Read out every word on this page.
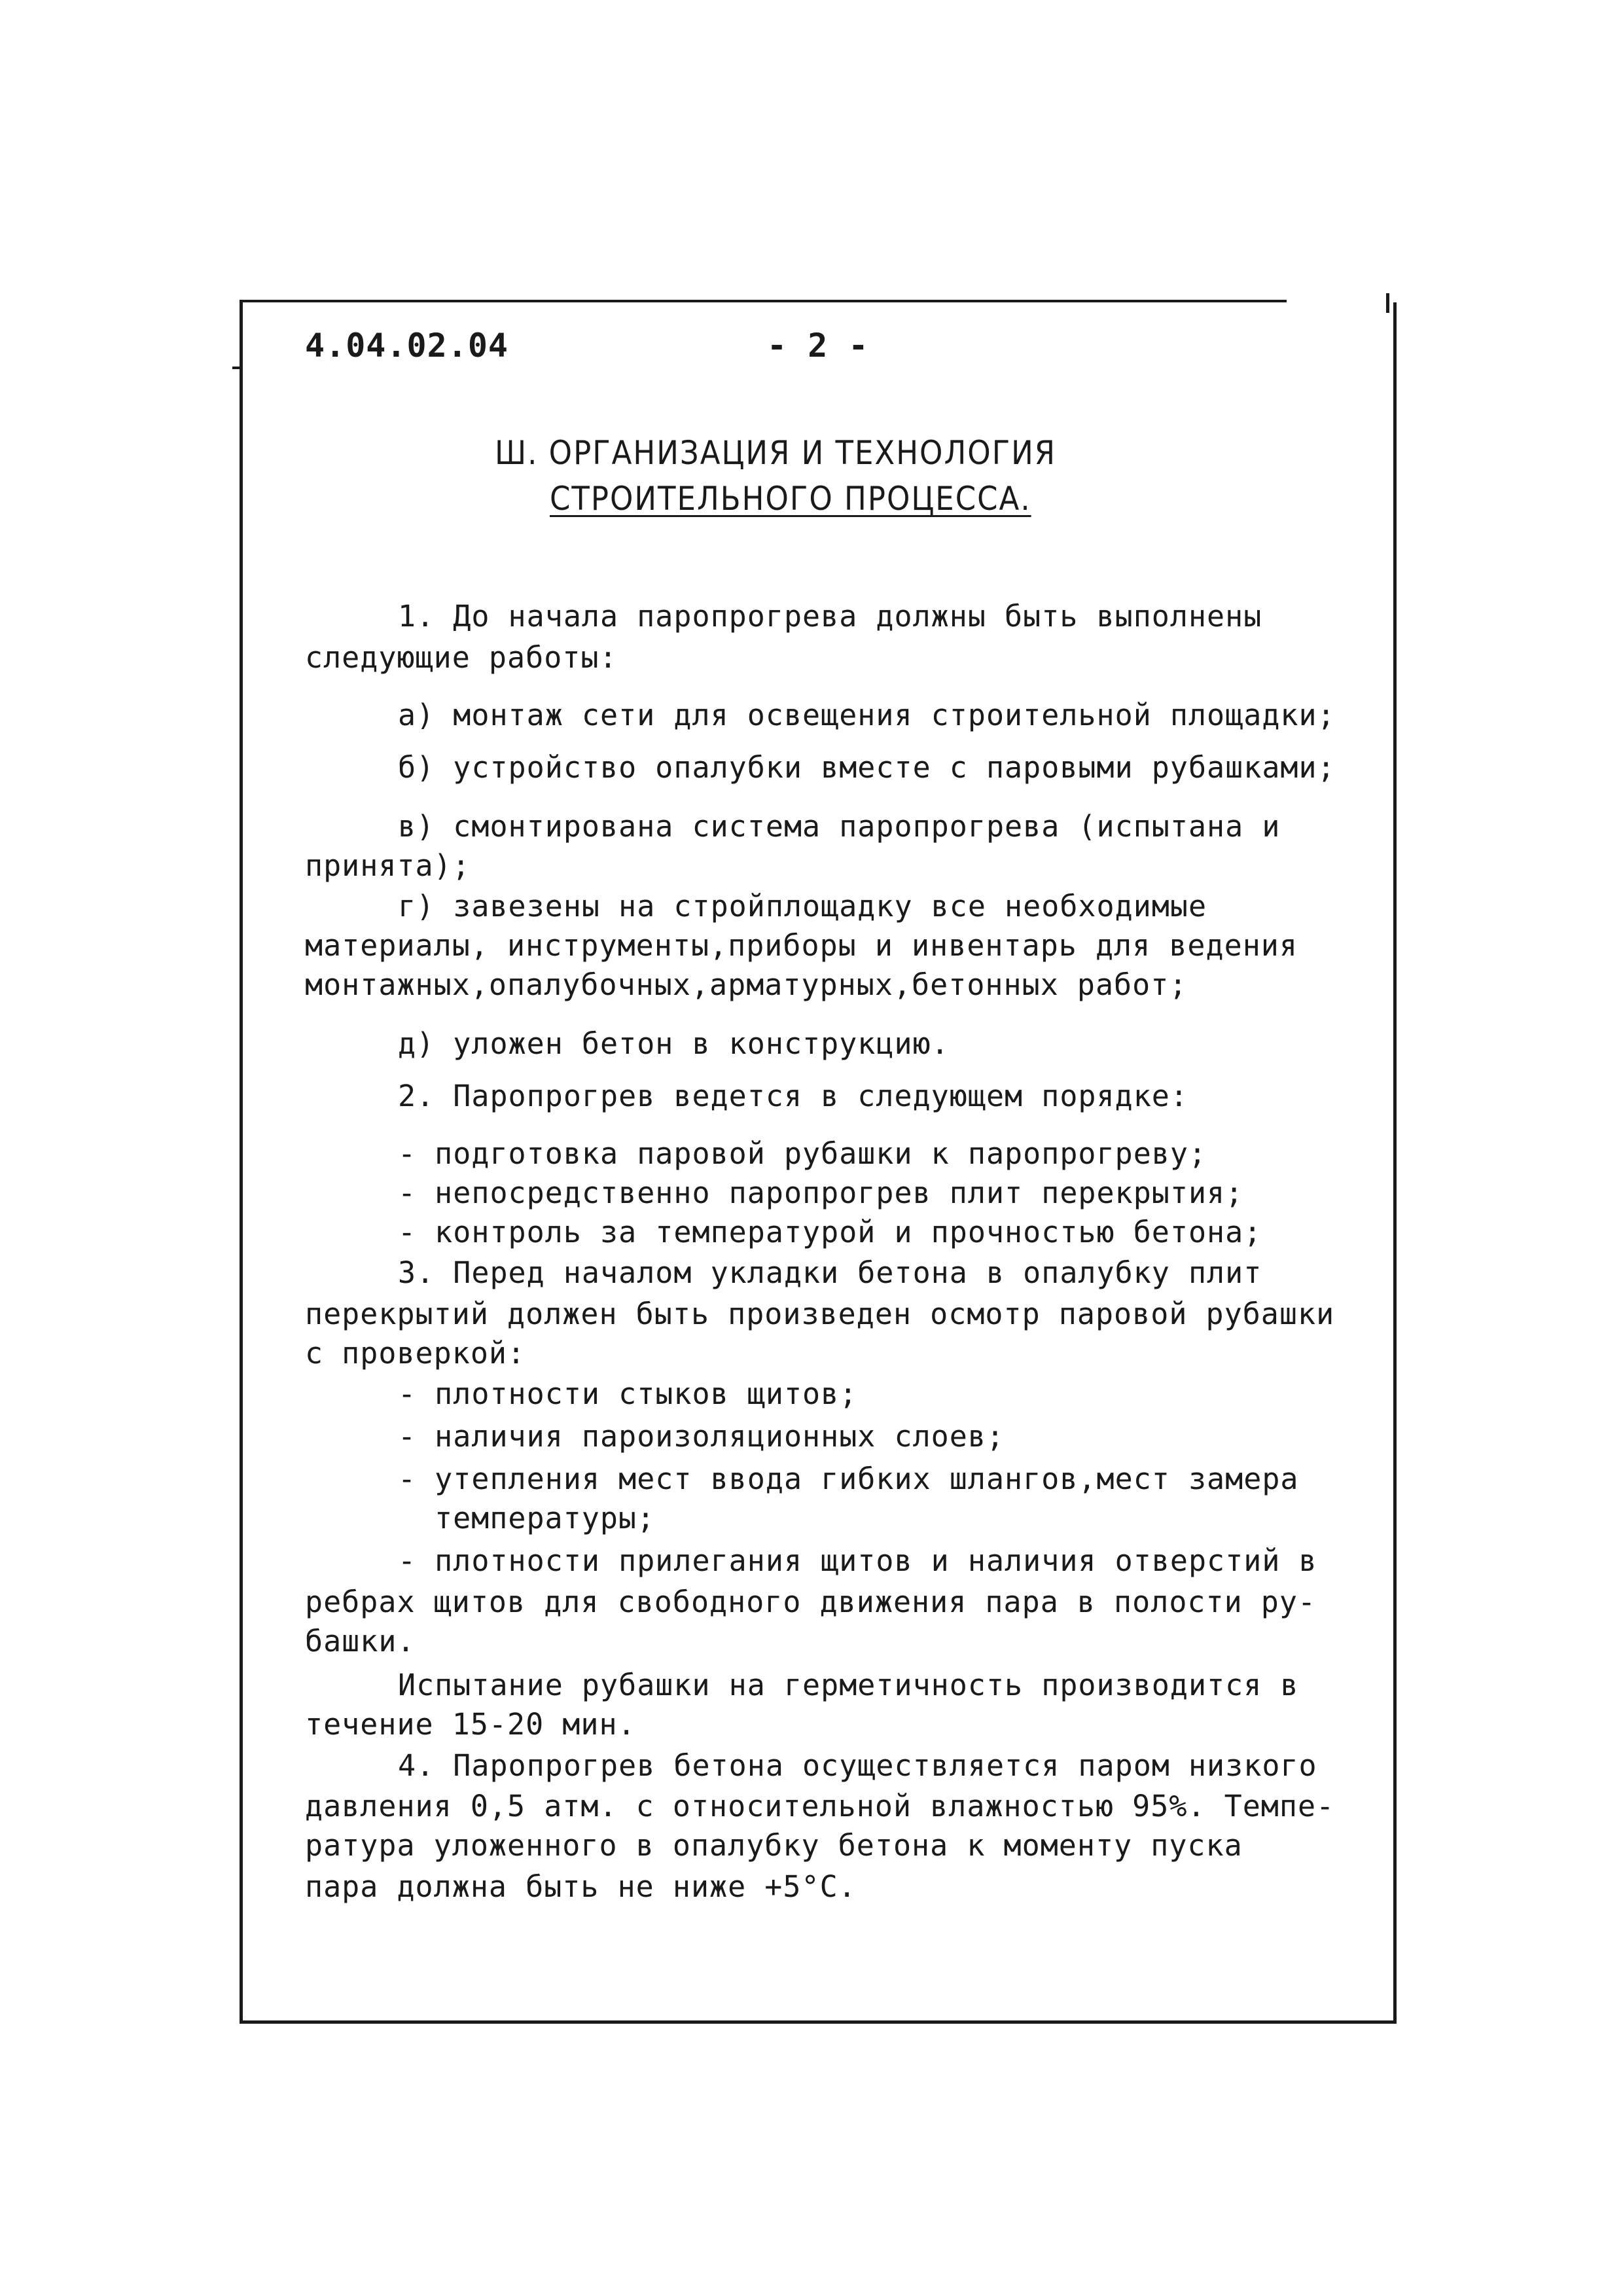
4.04.02.04	- 2 -
Ш. ОРГАНИЗАЦИЯ И ТЕХНОЛОГИЯ
СТРОИТЕЛЬНОГО ПРОЦЕССА.
1. До начала паропрогрева должны быть выполнены
следующие работы:
а) монтаж сети для освещения строительной площадки;
б) устройство опалубки вместе с паровыми рубашками;
в) смонтирована система паропрогрева (испытана и
принята);
г) завезены на стройплощадку все необходимые
материалы, инструменты,приборы и инвентарь для ведения
монтажных,опалубочных,арматурных,бетонных работ;
д) уложен бетон в конструкцию.
2. Паропрогрев ведется в следующем порядке:
- подготовка паровой рубашки к паропрогреву;
- непосредственно паропрогрев плит перекрытия;
- контроль за температурой и прочностью бетона;
3. Перед началом укладки бетона в опалубку плит
перекрытий должен быть произведен осмотр паровой рубашки
с проверкой:
- плотности стыков щитов;
- наличия пароизоляционных слоев;
- утепления мест ввода гибких шлангов,мест замера
температуры;
- плотности прилегания щитов и наличия отверстий в
ребрах щитов для свободного движения пара в полости ру-
башки.
Испытание рубашки на герметичность производится в
течение 15-20 мин.
4. Паропрогрев бетона осуществляется паром низкого
давления 0,5 атм. с относительной влажностью 95%. Темпе-
ратура уложенного в опалубку бетона к моменту пуска
пара должна быть не ниже +5°С.
